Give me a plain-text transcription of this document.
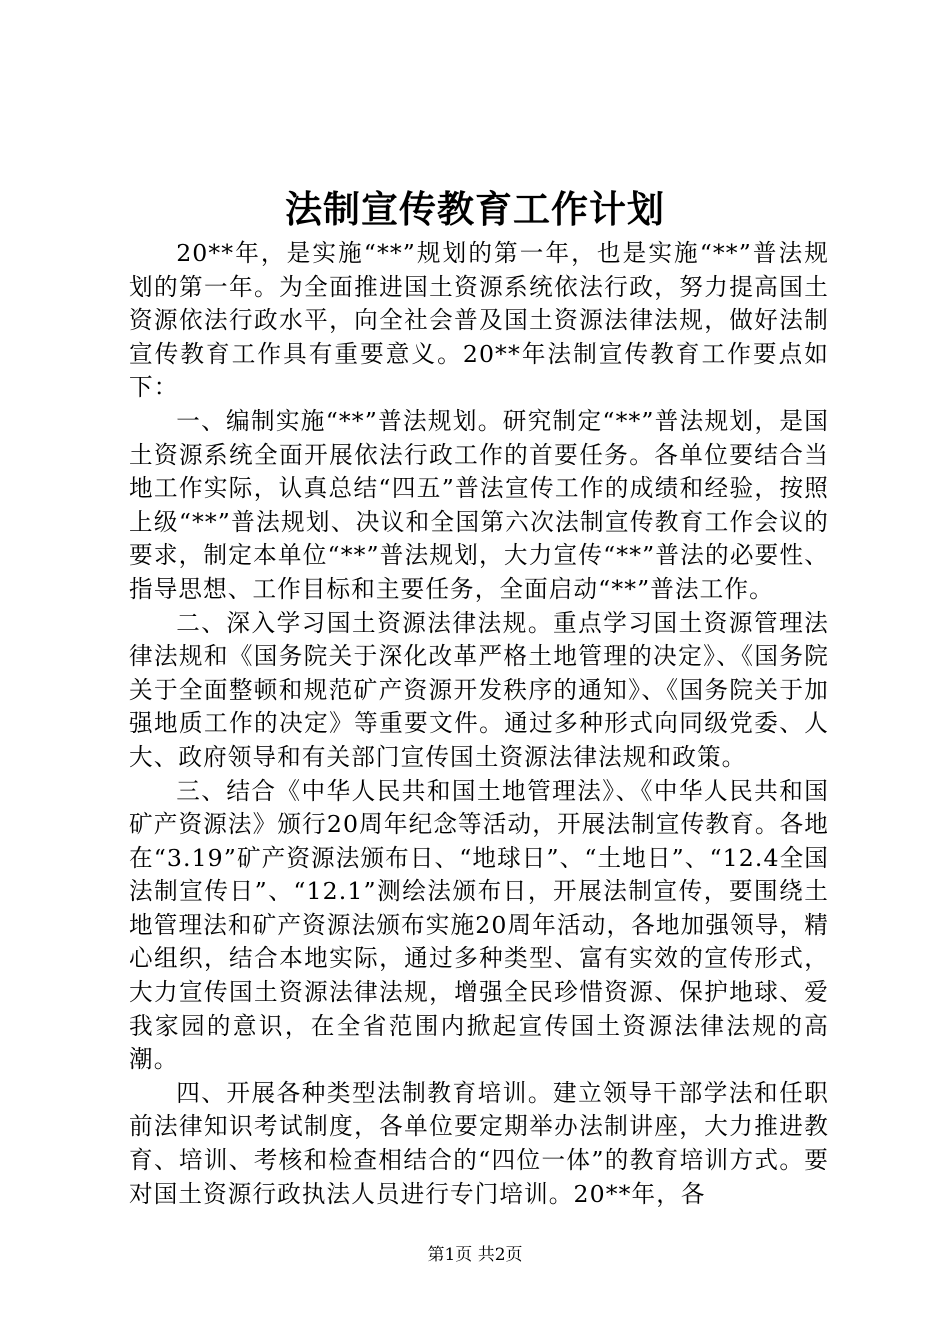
法制宣传教育工作计划

20**年，是实施“**”规划的第一年，也是实施“**”普法规划的第一年。为全面推进国土资源系统依法行政，努力提高国土资源依法行政水平，向全社会普及国土资源法律法规，做好法制宣传教育工作具有重要意义。20**年法制宣传教育工作要点如下：

一、编制实施“**”普法规划。研究制定“**”普法规划，是国土资源系统全面开展依法行政工作的首要任务。各单位要结合当地工作实际，认真总结“四五”普法宣传工作的成绩和经验，按照上级“**”普法规划、决议和全国第六次法制宣传教育工作会议的要求，制定本单位“**”普法规划，大力宣传“**”普法的必要性、指导思想、工作目标和主要任务，全面启动“**”普法工作。

二、深入学习国土资源法律法规。重点学习国土资源管理法律法规和《国务院关于深化改革严格土地管理的决定》、《国务院关于全面整顿和规范矿产资源开发秩序的通知》、《国务院关于加强地质工作的决定》等重要文件。通过多种形式向同级党委、人大、政府领导和有关部门宣传国土资源法律法规和政策。

三、结合《中华人民共和国土地管理法》、《中华人民共和国矿产资源法》颁行20周年纪念等活动，开展法制宣传教育。各地在“3.19”矿产资源法颁布日、“地球日”、“土地日”、“12.4全国法制宣传日”、“12.1”测绘法颁布日，开展法制宣传，要围绕土地管理法和矿产资源法颁布实施20周年活动，各地加强领导，精心组织，结合本地实际，通过多种类型、富有实效的宣传形式，大力宣传国土资源法律法规，增强全民珍惜资源、保护地球、爱我家园的意识，在全省范围内掀起宣传国土资源法律法规的高潮。

四、开展各种类型法制教育培训。建立领导干部学法和任职前法律知识考试制度，各单位要定期举办法制讲座，大力推进教育、培训、考核和检查相结合的“四位一体”的教育培训方式。要对国土资源行政执法人员进行专门培训。20**年，各

第1页 共2页
